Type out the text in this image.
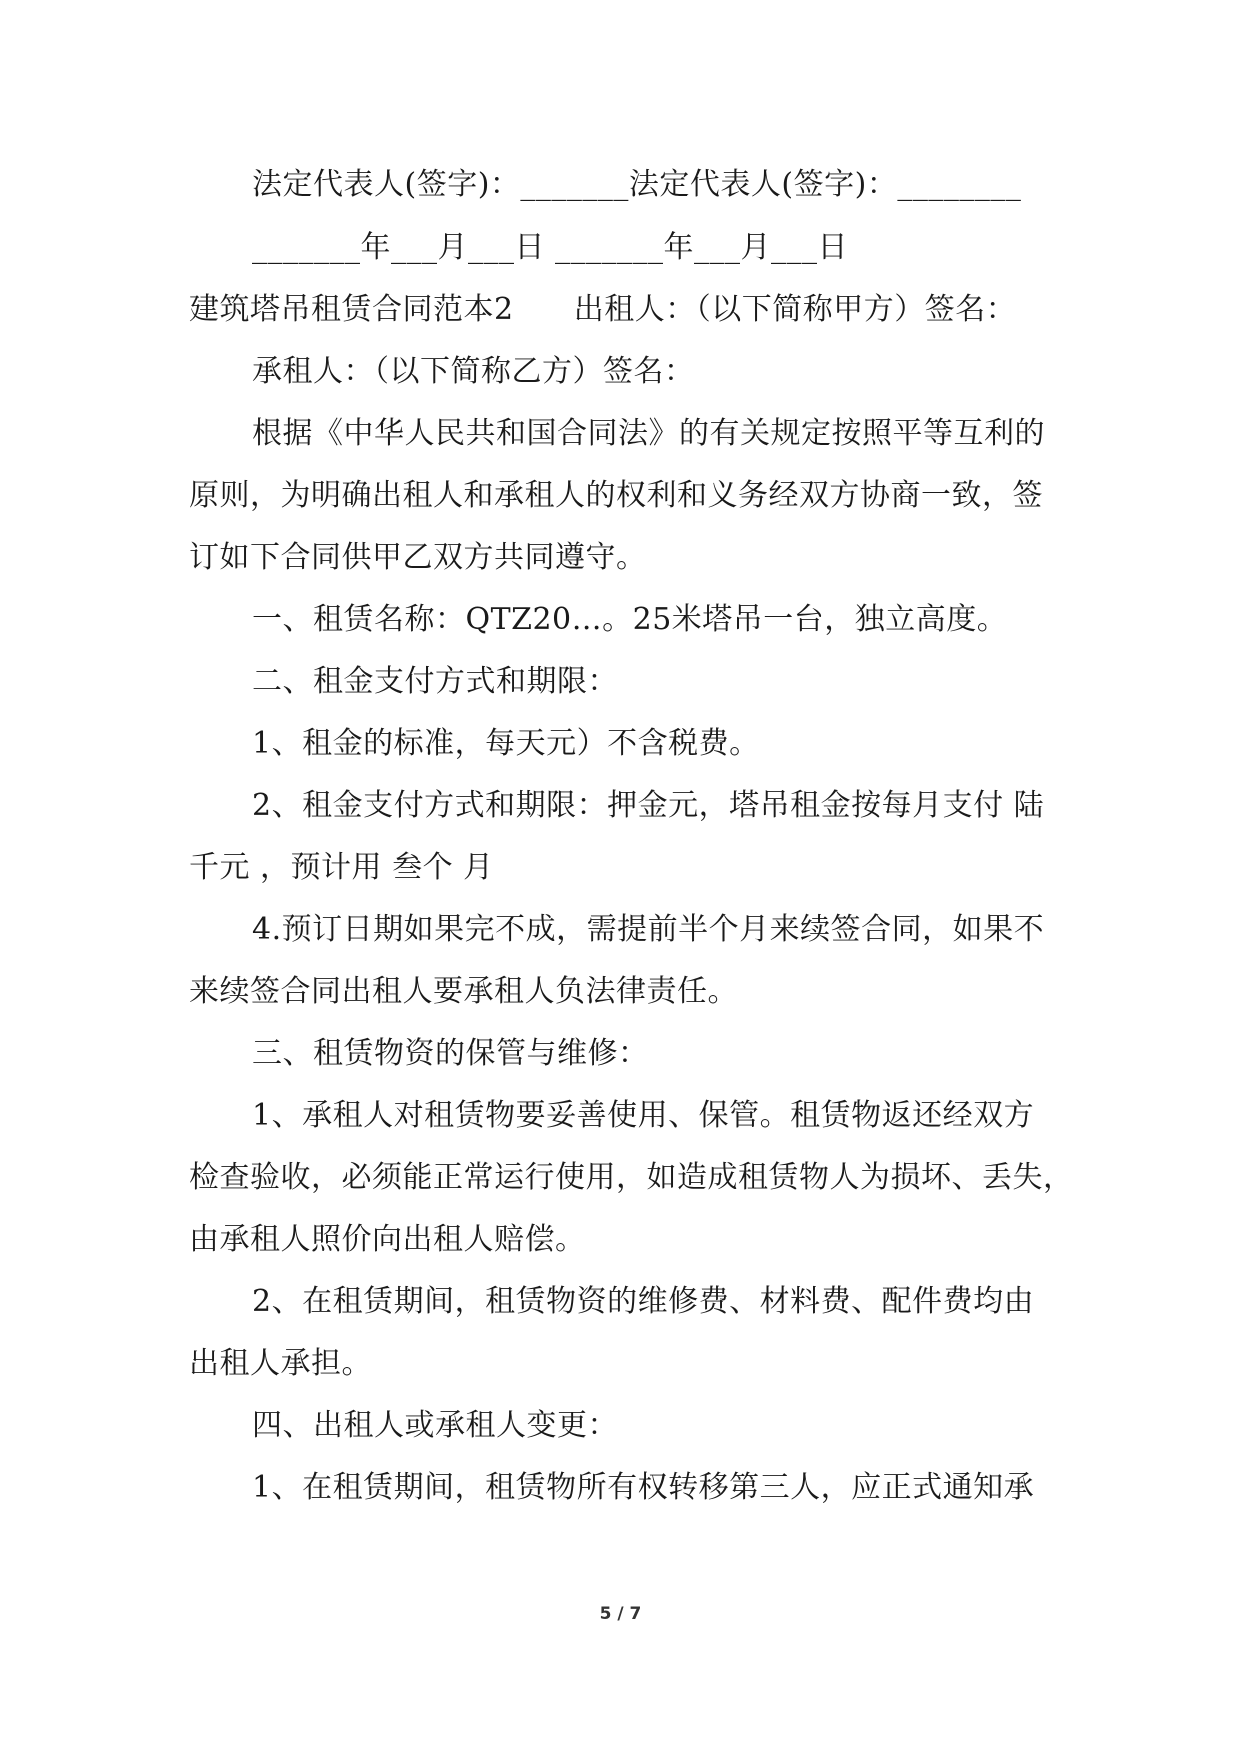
法定代表人(签字)：_______法定代表人(签字)：________
_______年___月___日 _______年___月___日
建筑塔吊租赁合同范本2      出租人：（以下简称甲方）签名：
承租人：（以下简称乙方）签名：
根据《中华人民共和国合同法》的有关规定按照平等互利的
原则，为明确出租人和承租人的权利和义务经双方协商一致，签
订如下合同供甲乙双方共同遵守。
一、租赁名称：QTZ20…。25米塔吊一台，独立高度。
二、租金支付方式和期限：
1、租金的标准，每天元）不含税费。
2、租金支付方式和期限：押金元，塔吊租金按每月支付 陆
千元 ，预计用 叁个 月
4.预订日期如果完不成，需提前半个月来续签合同，如果不
来续签合同出租人要承租人负法律责任。
三、租赁物资的保管与维修：
1、承租人对租赁物要妥善使用、保管。租赁物返还经双方
检查验收，必须能正常运行使用，如造成租赁物人为损坏、丢失，
由承租人照价向出租人赔偿。
2、在租赁期间，租赁物资的维修费、材料费、配件费均由
出租人承担。
四、出租人或承租人变更：
1、在租赁期间，租赁物所有权转移第三人，应正式通知承
5 / 7
